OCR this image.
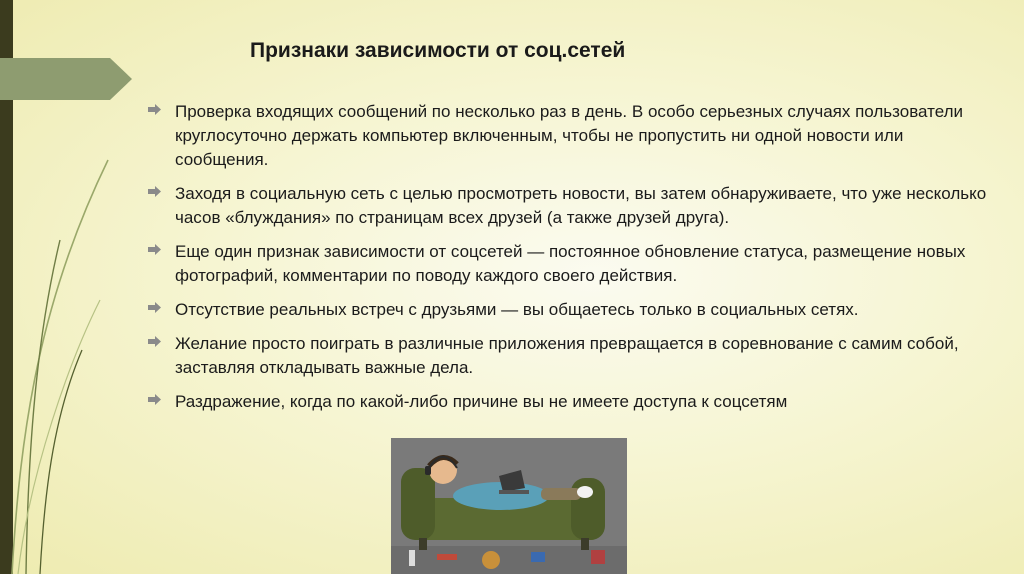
Признаки зависимости от соц.сетей
Проверка входящих сообщений по несколько раз в день. В особо серьезных случаях пользователи круглосуточно держать компьютер включенным, чтобы не пропустить ни одной новости или сообщения.
Заходя в социальную сеть с целью просмотреть новости, вы затем обнаруживаете, что уже несколько часов «блуждания» по страницам всех друзей (а также друзей друга).
Еще один признак зависимости от соцсетей — постоянное обновление статуса, размещение новых фотографий, комментарии по поводу каждого своего действия.
Отсутствие реальных встреч с друзьями — вы общаетесь только в социальных сетях.
Желание просто поиграть в различные приложения превращается в соревнование с самим собой, заставляя откладывать важные дела.
Раздражение, когда по какой-либо причине вы не имеете доступа к соцсетям
